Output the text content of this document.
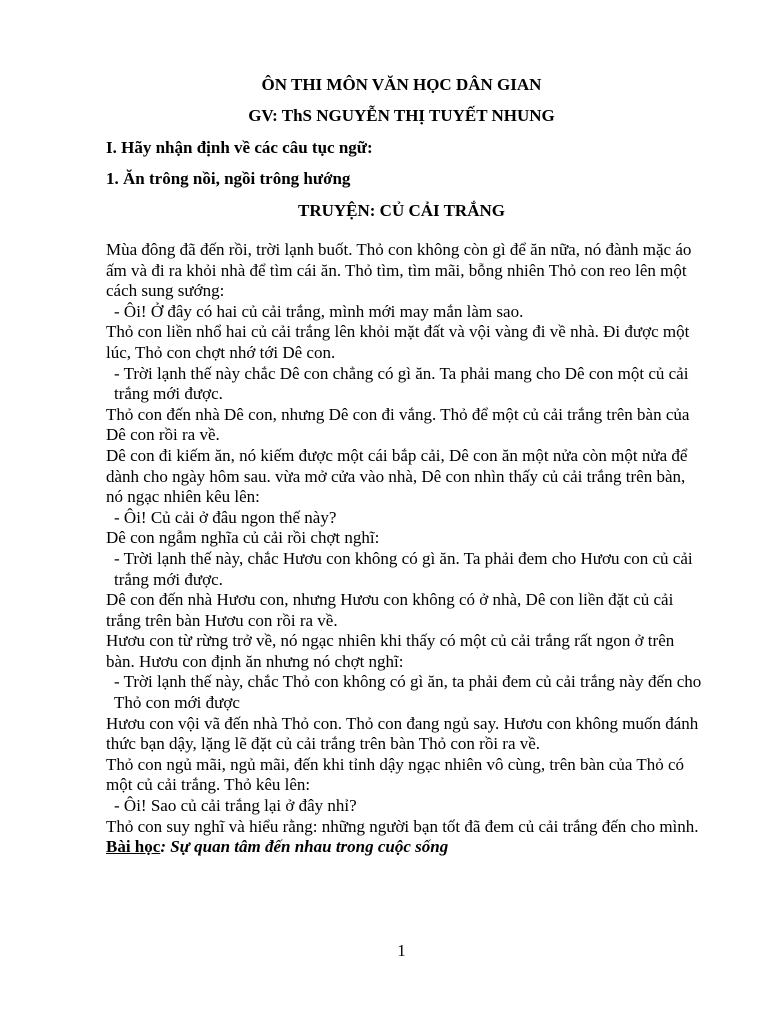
ÔN THI MÔN VĂN HỌC DÂN GIAN
GV: ThS NGUYỄN THỊ TUYẾT NHUNG
I. Hãy nhận định về các câu tục ngữ:
1. Ăn trông nồi, ngồi trông hướng
TRUYỆN: CỦ CẢI TRẮNG

Mùa đông đã đến rồi, trời lạnh buốt. Thỏ con không còn gì để ăn nữa, nó đành mặc áo ấm và đi ra khỏi nhà để tìm cái ăn. Thỏ tìm, tìm mãi, bỗng nhiên Thỏ con reo lên một cách sung sướng:

- Ôi! Ở đây có hai củ cải trắng, mình mới may mắn làm sao.

Thỏ con liền nhổ hai củ cải trắng lên khỏi mặt đất và vội vàng đi về nhà. Đi được một lúc, Thỏ con chợt nhớ tới Dê con.

- Trời lạnh thế này chắc Dê con chẳng có gì ăn. Ta phải mang cho Dê con một củ cải trắng mới được.

Thỏ con đến nhà Dê con, nhưng Dê con đi vắng. Thỏ để một củ cải trắng trên bàn của Dê con rồi ra về.

Dê con đi kiếm ăn, nó kiếm được một cái bắp cải, Dê con ăn một nửa còn một nửa để dành cho ngày hôm sau. vừa mở cửa vào nhà, Dê con nhìn thấy củ cải trắng trên bàn, nó ngạc nhiên kêu lên:

- Ôi! Củ cải ở đâu ngon thế này?

Dê con ngẫm nghĩa củ cải rồi chợt nghĩ:

- Trời lạnh thế này, chắc Hươu con không có gì ăn. Ta phải đem cho Hươu con củ cải trắng mới được.

Dê con đến nhà Hươu con, nhưng Hươu con không có ở nhà, Dê con liền đặt củ cải trắng trên bàn Hươu con rồi ra về.

Hươu con từ rừng trở về, nó ngạc nhiên khi thấy có một củ cải trắng rất ngon ở trên bàn. Hươu con định ăn nhưng nó chợt nghĩ:

- Trời lạnh thế này, chắc Thỏ con không có gì ăn, ta phải đem củ cải trắng này đến cho Thỏ con mới được

Hươu con vội vã đến nhà Thỏ con. Thỏ con đang ngủ say. Hươu con không muốn đánh thức bạn dậy, lặng lẽ đặt củ cải trắng trên bàn Thỏ con rồi ra về.

Thỏ con ngủ mãi, ngủ mãi, đến khi tỉnh dậy ngạc nhiên vô cùng, trên bàn của Thỏ có một củ cải trắng. Thỏ kêu lên:

- Ôi! Sao củ cải trắng lại ở đây nhỉ?

Thỏ con suy nghĩ và hiểu rằng: những người bạn tốt đã đem củ cải trắng đến cho mình.

Bài học: Sự quan tâm đến nhau trong cuộc sống

1
